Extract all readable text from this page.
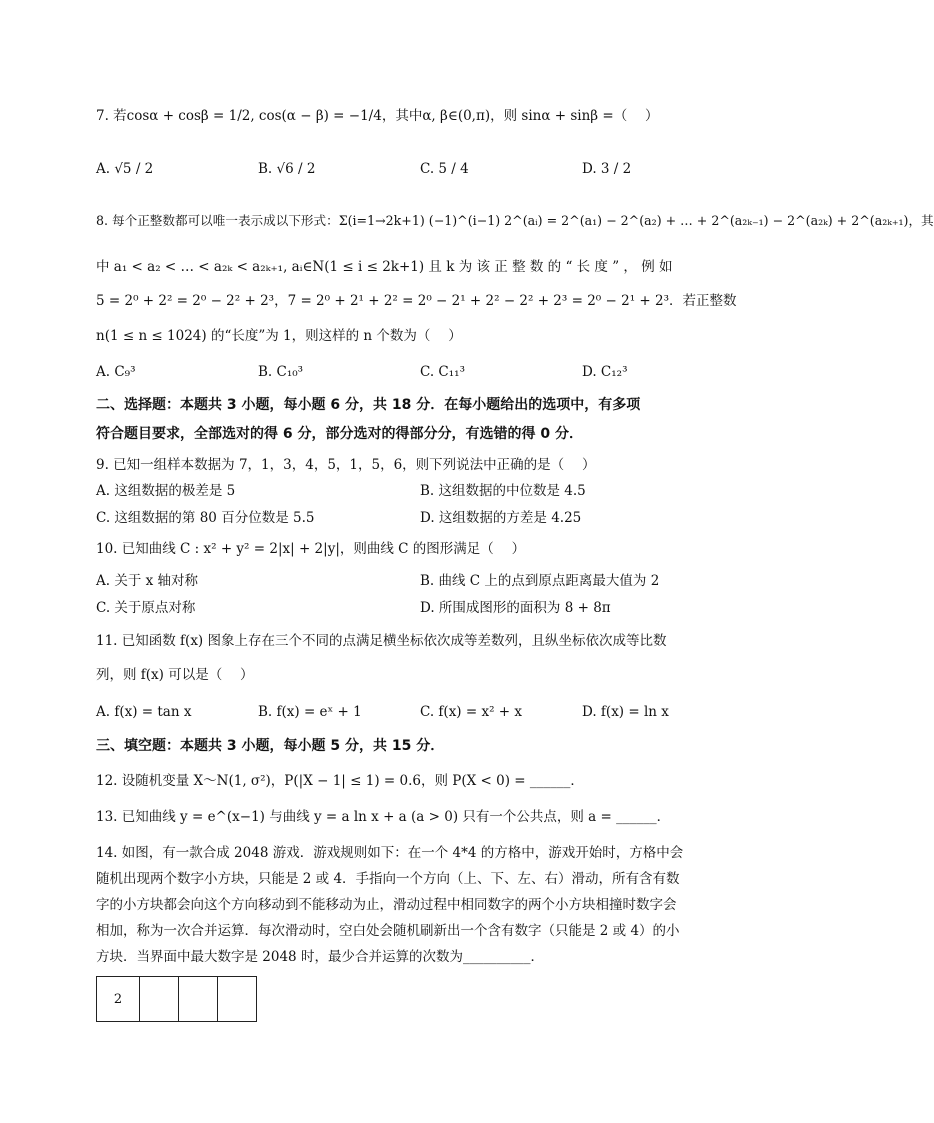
7. 若cosα + cosβ = 1/2, cos(α − β) = −1/4，其中α, β∈(0,π)，则 sinα + sinβ =（　 ）
A. √5 / 2	B. √6 / 2	C. 5 / 4	D. 3 / 2
8. 每个正整数都可以唯一表示成以下形式：Σ(i=1→2k+1) (−1)^(i−1) 2^(aᵢ) = 2^(a₁) − 2^(a₂) + … + 2^(a₂ₖ₋₁) − 2^(a₂ₖ) + 2^(a₂ₖ₊₁)，其
中 a₁ < a₂ < … < a₂ₖ < a₂ₖ₊₁, aᵢ∈N(1 ≤ i ≤ 2k+1) 且 k 为 该 正 整 数 的 “ 长 度 ” ， 例 如
5 = 2⁰ + 2² = 2⁰ − 2² + 2³，7 = 2⁰ + 2¹ + 2² = 2⁰ − 2¹ + 2² − 2² + 2³ = 2⁰ − 2¹ + 2³．若正整数
n(1 ≤ n ≤ 1024) 的“长度”为 1，则这样的 n 个数为（　 ）
A. C₉³	B. C₁₀³	C. C₁₁³	D. C₁₂³
二、选择题：本题共 3 小题，每小题 6 分，共 18 分．在每小题给出的选项中，有多项
符合题目要求，全部选对的得 6 分，部分选对的得部分分，有选错的得 0 分．
9. 已知一组样本数据为 7，1，3，4，5，1，5，6，则下列说法中正确的是（　 ）
A. 这组数据的极差是 5	B. 这组数据的中位数是 4.5
C. 这组数据的第 80 百分位数是 5.5	D. 这组数据的方差是 4.25
10. 已知曲线 C : x² + y² = 2|x| + 2|y|，则曲线 C 的图形满足（　 ）
A. 关于 x 轴对称	B. 曲线 C 上的点到原点距离最大值为 2
C. 关于原点对称	D. 所围成图形的面积为 8 + 8π
11. 已知函数 f(x) 图象上存在三个不同的点满足横坐标依次成等差数列，且纵坐标依次成等比数
列，则 f(x) 可以是（　 ）
A. f(x) = tan x	B. f(x) = eˣ + 1	C. f(x) = x² + x	D. f(x) = ln x
三、填空题：本题共 3 小题，每小题 5 分，共 15 分．
12. 设随机变量 X～N(1, σ²)，P(|X − 1| ≤ 1) = 0.6，则 P(X < 0) = ______．
13. 已知曲线 y = e^(x−1) 与曲线 y = a ln x + a (a > 0) 只有一个公共点，则 a = ______．
14. 如图，有一款合成 2048 游戏．游戏规则如下：在一个 4*4 的方格中，游戏开始时，方格中会
随机出现两个数字小方块，只能是 2 或 4．手指向一个方向（上、下、左、右）滑动，所有含有数
字的小方块都会向这个方向移动到不能移动为止，滑动过程中相同数字的两个小方块相撞时数字会
相加，称为一次合并运算．每次滑动时，空白处会随机刷新出一个含有数字（只能是 2 或 4）的小
方块．当界面中最大数字是 2048 时，最少合并运算的次数为__________．
2			
